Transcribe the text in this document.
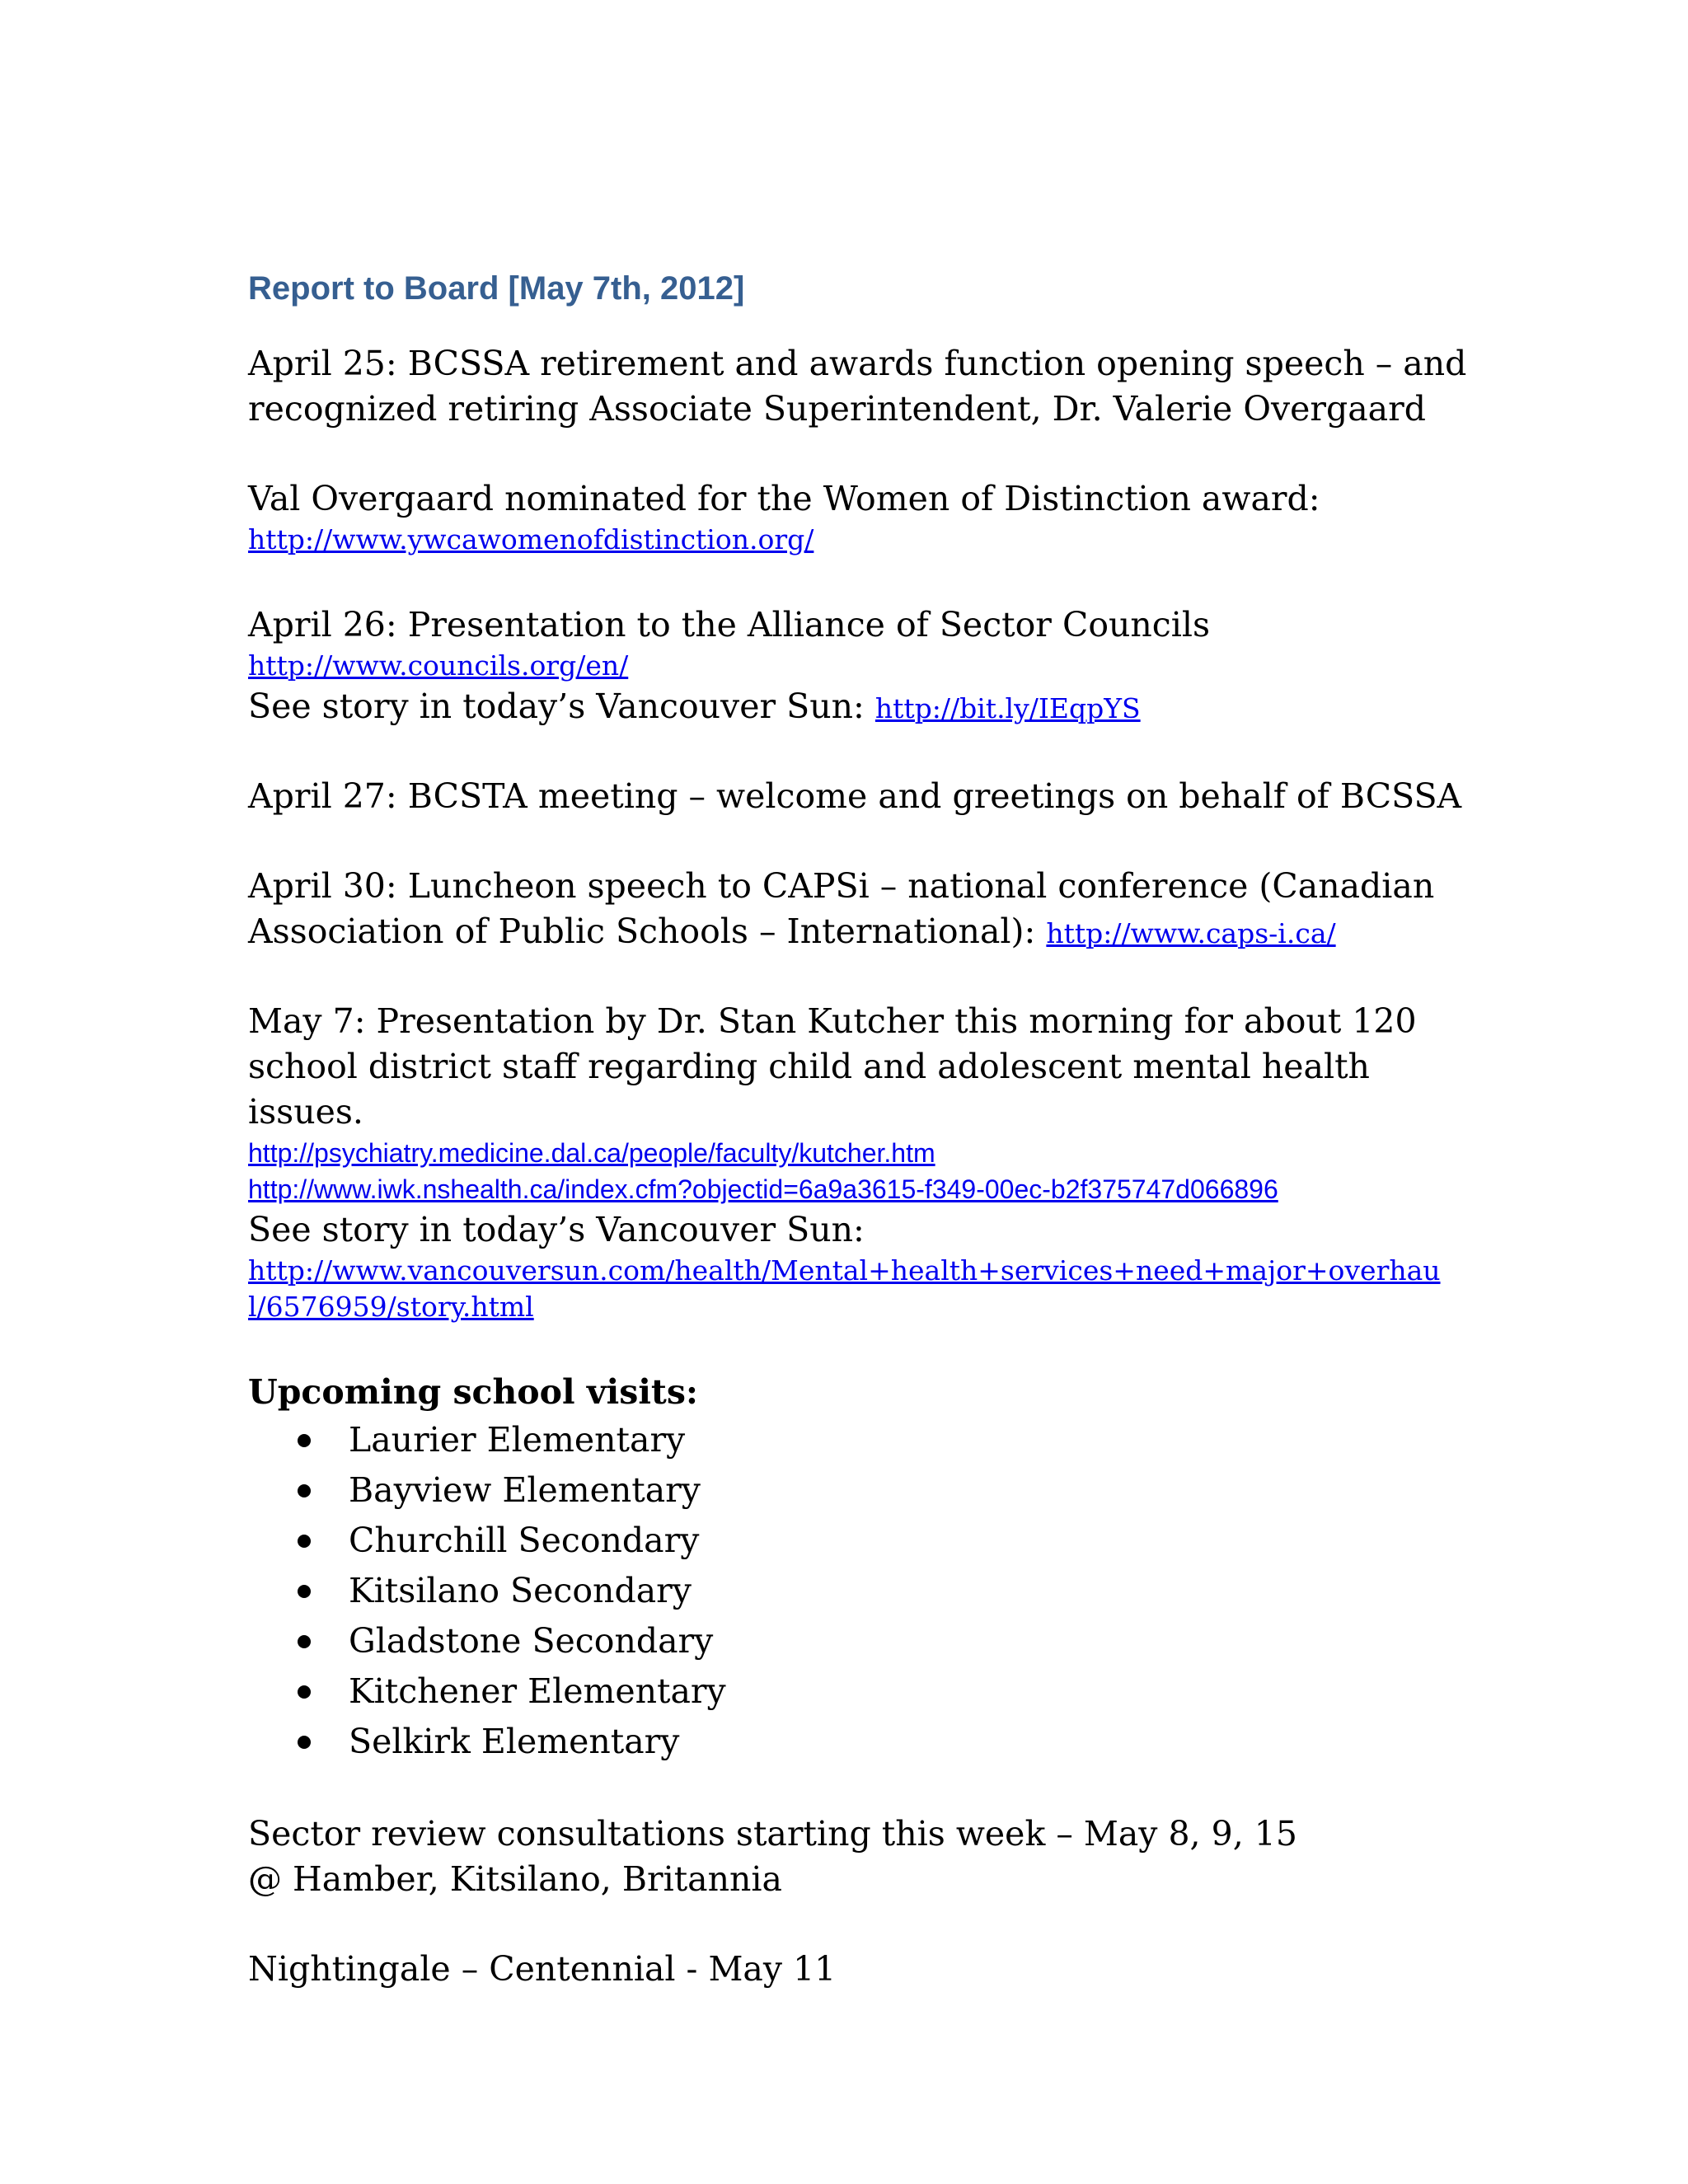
Report to Board [May 7th, 2012]

April 25: BCSSA retirement and awards function opening speech – and recognized retiring Associate Superintendent, Dr. Valerie Overgaard

Val Overgaard nominated for the Women of Distinction award:

http://www.ywcawomenofdistinction.org/

April 26: Presentation to the Alliance of Sector Councils

http://www.councils.org/en/

See story in today’s Vancouver Sun: http://bit.ly/IEqpYS

April 27: BCSTA meeting – welcome and greetings on behalf of BCSSA

April 30: Luncheon speech to CAPSi – national conference (Canadian

Association of Public Schools – International): http://www.caps-i.ca/

May 7: Presentation by Dr. Stan Kutcher this morning for about 120 school district staff regarding child and adolescent mental health issues.

http://psychiatry.medicine.dal.ca/people/faculty/kutcher.htm
http://www.iwk.nshealth.ca/index.cfm?objectid=6a9a3615-f349-00ec-b2f375747d066896

See story in today’s Vancouver Sun:

http://www.vancouversun.com/health/Mental+health+services+need+major+overhaul/6576959/story.html

Upcoming school visits:

Laurier Elementary
Bayview Elementary
Churchill Secondary
Kitsilano Secondary
Gladstone Secondary
Kitchener Elementary
Selkirk Elementary

Sector review consultations starting this week – May 8, 9, 15

@ Hamber, Kitsilano, Britannia

Nightingale – Centennial - May 11
